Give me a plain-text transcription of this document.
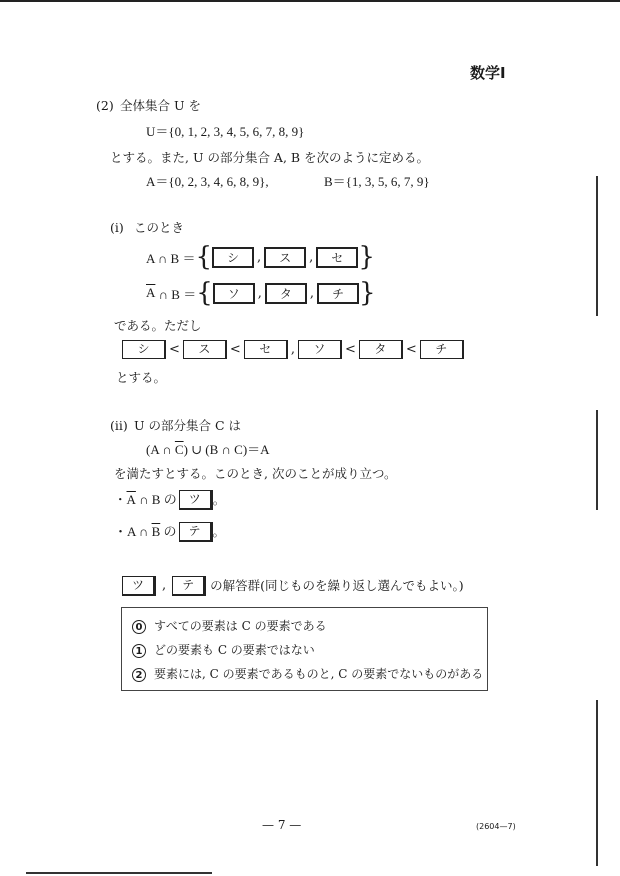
数学Ⅰ
(2) 全体集合 U を
U＝{0, 1, 2, 3, 4, 5, 6, 7, 8, 9}
とする。また, U の部分集合 A, B を次のように定める。
A＝{0, 2, 3, 4, 6, 8, 9},	B＝{1, 3, 5, 6, 7, 9}
(i) このとき
A ∩ B ＝ {	シ	,	ス	,	セ }
$\overline{A}$ ∩ B ＝ {	ソ	,	タ	,	チ }
である。ただし
シ	<	ス	<	セ	,	ソ	<	タ	<	チ
とする。
(ii) U の部分集合 C は
(A ∩ $\overline{C}$) ∪ (B ∩ C)＝A
を満たすとする。このとき, 次のことが成り立つ。
・ $\overline{A}$ ∩ B の ツ 。
・A ∩ $\overline{B}$ の テ 。
ツ	,	テ	の解答群(同じものを繰り返し選んでもよい。)
0 すべての要素は C の要素である
1 どの要素も C の要素ではない
2 要素には, C の要素であるものと, C の要素でないものがある
— 7 —	(2604—7)
